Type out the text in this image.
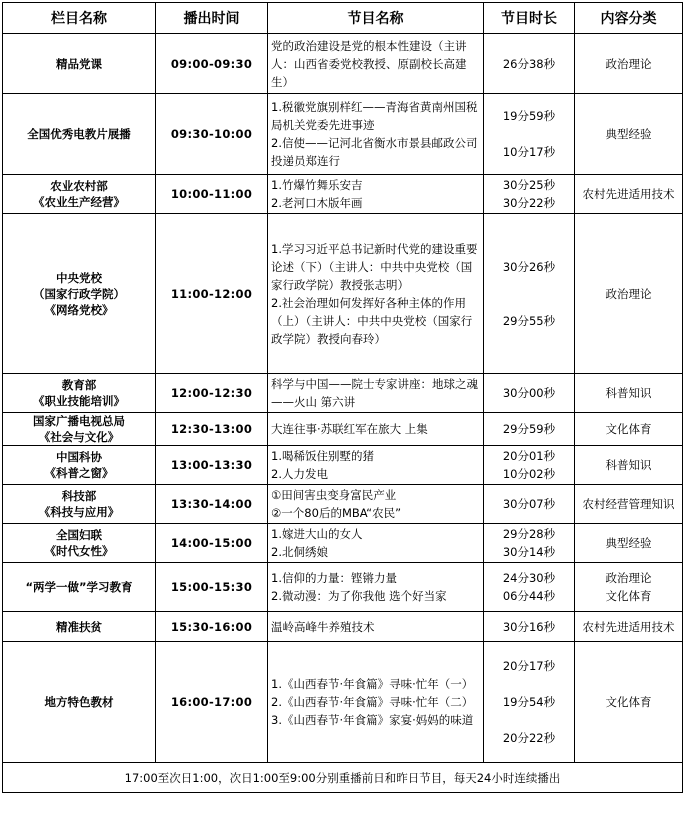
栏目名称	播出时间	节目名称	节目时长	内容分类

精品党课	09:00-09:30	党的政治建设是党的根本性建设（主讲人：山西省委党校教授、原副校长高建生）	26分38秒	政治理论

全国优秀电教片展播	09:30-10:00	1.税徽党旗别样红——青海省黄南州国税局机关党委先进事迹
2.信使——记河北省衡水市景县邮政公司投递员郑连行	19分59秒
10分17秒	典型经验

农业农村部
《农业生产经营》	10:00-11:00	1.竹爆竹舞乐安吉
2.老河口木版年画	30分25秒
30分22秒	农村先进适用技术

中央党校
（国家行政学院）
《网络党校》	11:00-12:00	1.学习习近平总书记新时代党的建设重要论述（下）（主讲人：中共中央党校（国家行政学院）教授张志明）
2.社会治理如何发挥好各种主体的作用（上）（主讲人：中共中央党校（国家行政学院）教授向春玲）	30分26秒
29分55秒	政治理论

教育部
《职业技能培训》	12:00-12:30	科学与中国——院士专家讲座：地球之魂——火山 第六讲	30分00秒	科普知识

国家广播电视总局
《社会与文化》	12:30-13:00	大连往事·苏联红军在旅大 上集	29分59秒	文化体育

中国科协
《科普之窗》	13:00-13:30	1.喝稀饭住别墅的猪
2.人力发电	20分01秒
10分02秒	科普知识

科技部
《科技与应用》	13:30-14:00	①田间害虫变身富民产业
②一个80后的MBA“农民”	30分07秒	农村经营管理知识

全国妇联
《时代女性》	14:00-15:00	1.嫁进大山的女人
2.北侗绣娘	29分28秒
30分14秒	典型经验

“两学一做”学习教育	15:00-15:30	1.信仰的力量：铿锵力量
2.微动漫：为了你我他 选个好当家	24分30秒
06分44秒	政治理论
文化体育

精准扶贫	15:30-16:00	温岭高峰牛养殖技术	30分16秒	农村先进适用技术

地方特色教材	16:00-17:00	1.《山西春节·年食篇》寻味·忙年（一）
2.《山西春节·年食篇》寻味·忙年（二）
3.《山西春节·年食篇》家宴·妈妈的味道	20分17秒
19分54秒
20分22秒	文化体育

17:00至次日1:00，次日1:00至9:00分别重播前日和昨日节目，每天24小时连续播出				
